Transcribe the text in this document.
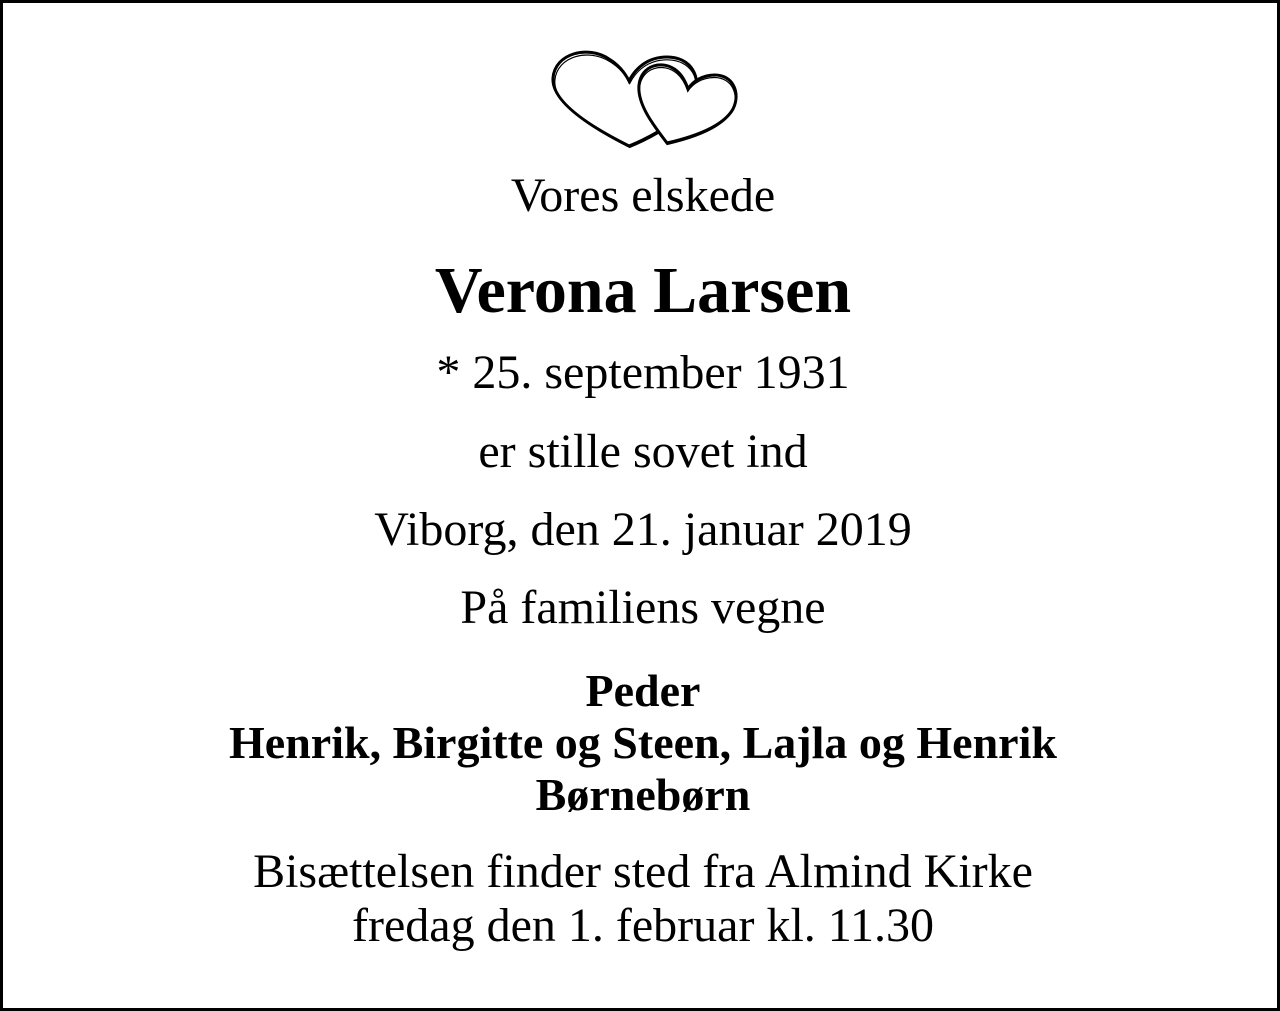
Vores elskede
Verona Larsen
* 25. september 1931
er stille sovet ind
Viborg, den 21. januar 2019
På familiens vegne
Peder
Henrik, Birgitte og Steen, Lajla og Henrik
Børnebørn
Bisættelsen finder sted fra Almind Kirke
fredag den 1. februar kl. 11.30
